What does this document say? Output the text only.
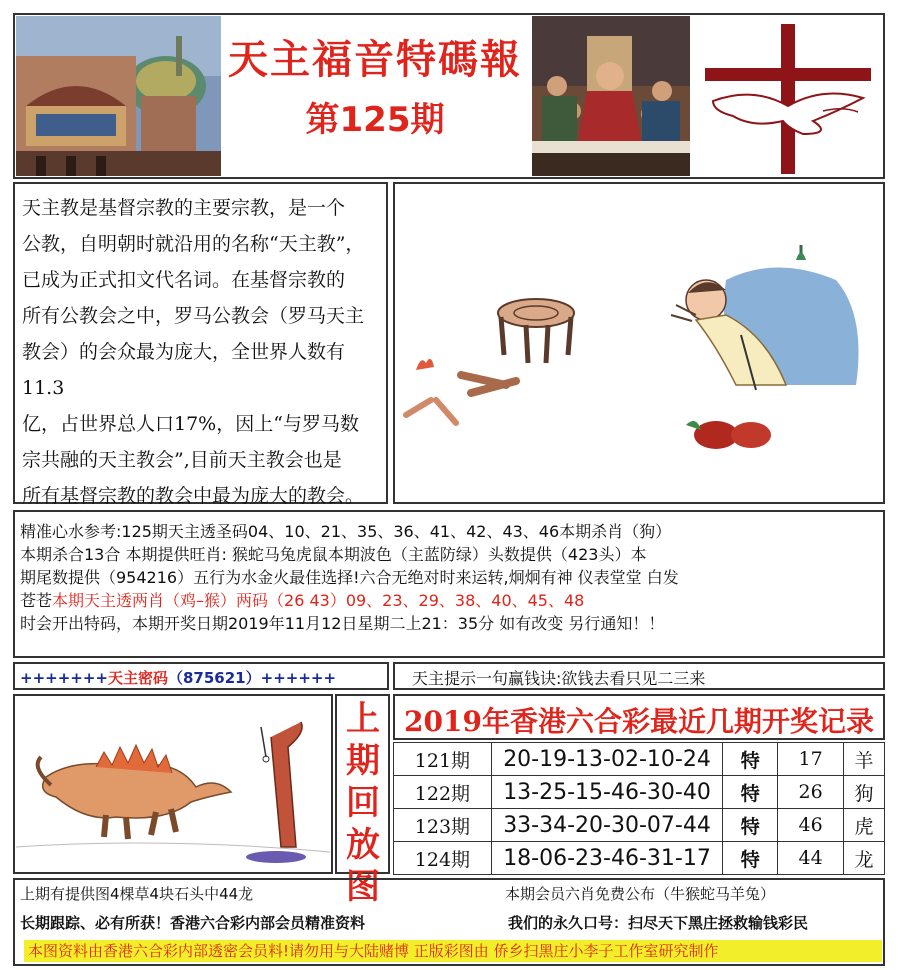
天主福音特碼報
第125期

天主教是基督宗教的主要宗教，是一个

公教，自明朝时就沿用的名称“天主教”，

已成为正式扣文代名词。在基督宗教的

所有公教会之中，罗马公教会（罗马天主

教会）的会众最为庞大，全世界人数有11.3

亿，占世界总人口17%，因上“与罗马数

宗共融的天主教会”,目前天主教会也是

所有基督宗教的教会中最为庞大的教会。

精准心水参考:125期天主透圣码04、10、21、35、36、41、42、43、46本期杀肖（狗）
本期杀合13合 本期提供旺肖: 猴蛇马兔虎鼠本期波色（主蓝防绿）头数提供（423头）本
期尾数提供（954216）五行为水金火最佳选择!六合无绝对时来运转,炯炯有神 仪表堂堂 白发
苍苍本期天主透两肖（鸡–猴）两码（26 43）09、23、29、38、40、45、48
时会开出特码，本期开奖日期2019年11月12日星期二上21：35分 如有改变 另行通知！！
+++++++天主密码（875621）++++++	天主提示一句赢钱诀:欲钱去看只见二三来
上
期
回
放
图
2019年香港六合彩最近几期开奖记录
121期	20-19-13-02-10-24	特	17	羊
122期	13-25-15-46-30-40	特	26	狗
123期	33-34-20-30-07-44	特	46	虎
124期	18-06-23-46-31-17	特	44	龙
上期有提供图4棵草4块石头中44龙	本期会员六肖免费公布（牛猴蛇马羊兔）
长期跟踪、必有所获！香港六合彩内部会员精准资料	我们的永久口号：扫尽天下黑庄拯救输钱彩民
本图资料由香港六合彩内部透密会员料!请勿用与大陆赌博 正版彩图由 侨乡扫黑庄小李子工作室研究制作
